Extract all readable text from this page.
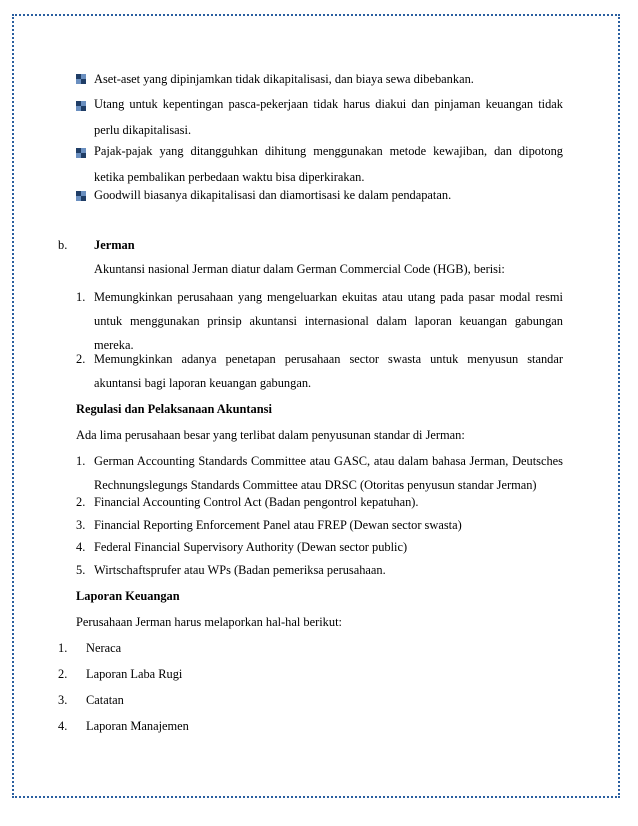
Aset-aset yang dipinjamkan tidak dikapitalisasi, dan biaya sewa dibebankan.
Utang untuk kepentingan pasca-pekerjaan tidak harus diakui dan pinjaman keuangan tidak
perlu dikapitalisasi.
Pajak-pajak yang ditangguhkan dihitung menggunakan metode kewajiban, dan dipotong
ketika pembalikan perbedaan waktu bisa diperkirakan.
Goodwill biasanya dikapitalisasi dan diamortisasi ke dalam pendapatan.
b. Jerman
Akuntansi nasional Jerman diatur dalam German Commercial Code (HGB), berisi:
1. Memungkinkan perusahaan yang mengeluarkan ekuitas atau utang pada pasar modal resmi
untuk menggunakan prinsip akuntansi internasional dalam laporan keuangan gabungan
mereka.
2. Memungkinkan adanya penetapan perusahaan sector swasta untuk menyusun standar
akuntansi bagi laporan keuangan gabungan.
Regulasi dan Pelaksanaan Akuntansi
Ada lima perusahaan besar yang terlibat dalam penyusunan standar di Jerman:
1. German Accounting Standards Committee atau GASC, atau dalam bahasa Jerman, Deutsches
Rechnungslegungs Standards Committee atau DRSC (Otoritas penyusun standar Jerman)
2. Financial Accounting Control Act (Badan pengontrol kepatuhan).
3. Financial Reporting Enforcement Panel atau FREP (Dewan sector swasta)
4. Federal Financial Supervisory Authority (Dewan sector public)
5. Wirtschaftsprufer atau WPs (Badan pemeriksa perusahaan.
Laporan Keuangan
Perusahaan Jerman harus melaporkan hal-hal berikut:
1. Neraca
2. Laporan Laba Rugi
3. Catatan
4. Laporan Manajemen
